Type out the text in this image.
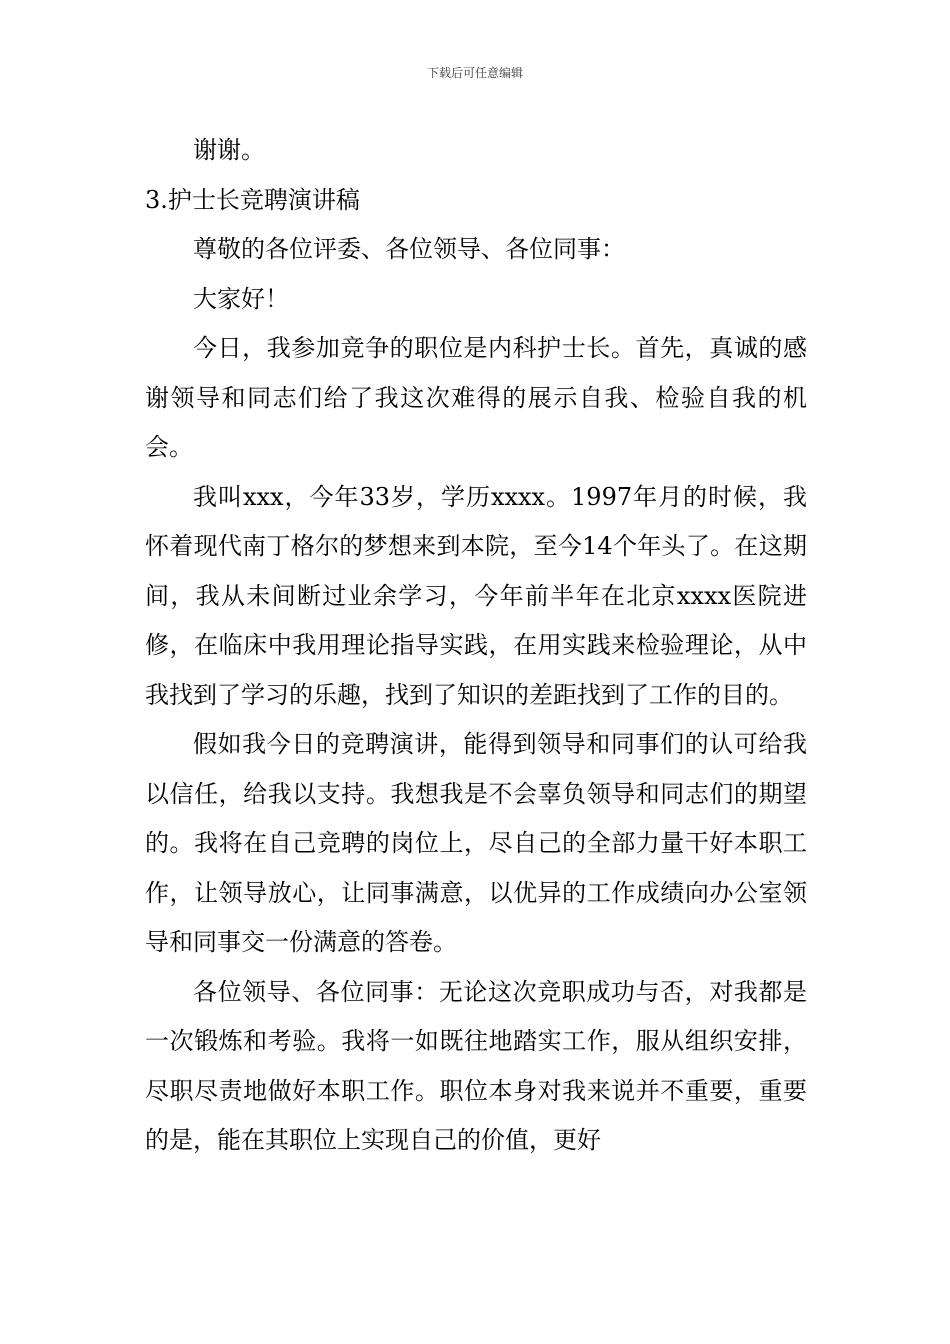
下载后可任意编辑

谢谢。

3.护士长竞聘演讲稿

尊敬的各位评委、各位领导、各位同事：

大家好！

今日，我参加竞争的职位是内科护士长。首先，真诚的感谢领导和同志们给了我这次难得的展示自我、检验自我的机会。

我叫xxx，今年33岁，学历xxxx。1997年月的时候，我怀着现代南丁格尔的梦想来到本院，至今14个年头了。在这期间，我从未间断过业余学习，今年前半年在北京xxxx医院进修，在临床中我用理论指导实践，在用实践来检验理论，从中我找到了学习的乐趣，找到了知识的差距找到了工作的目的。

假如我今日的竞聘演讲，能得到领导和同事们的认可给我以信任，给我以支持。我想我是不会辜负领导和同志们的期望的。我将在自己竞聘的岗位上，尽自己的全部力量干好本职工作，让领导放心，让同事满意，以优异的工作成绩向办公室领导和同事交一份满意的答卷。

各位领导、各位同事：无论这次竞职成功与否，对我都是一次锻炼和考验。我将一如既往地踏实工作，服从组织安排，尽职尽责地做好本职工作。职位本身对我来说并不重要，重要的是，能在其职位上实现自己的价值，更好
